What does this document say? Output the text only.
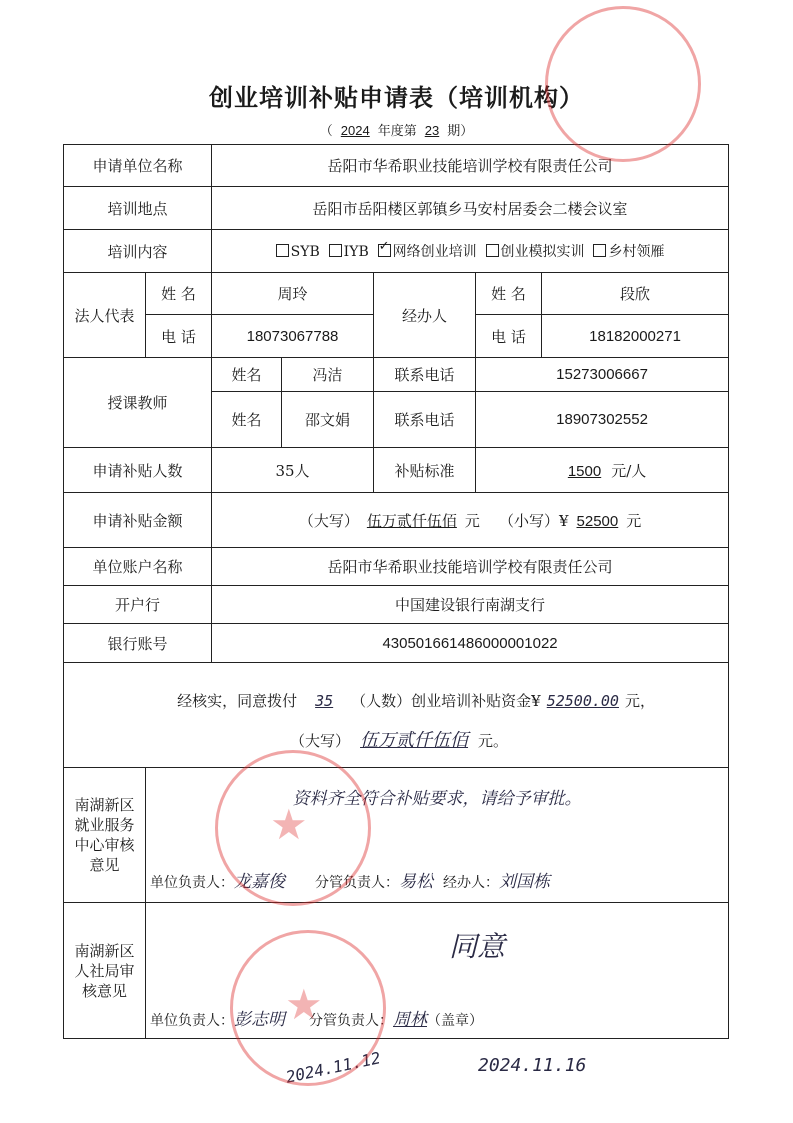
创业培训补贴申请表（培训机构）
（ 2024 年度第 23 期）
申请单位名称		岳阳市华希职业技能培训学校有限责任公司				
培训地点		岳阳市岳阳楼区郭镇乡马安村居委会二楼会议室				
培训内容		SYB IYB ✓ 网络创业培训 创业模拟实训 乡村领雁
法人代表	姓 名	周玲		经办人	姓 名	段欣
	电 话	18073067788			电 话	18182000271
授课教师		姓名	冯洁	联系电话	15273006667	
		姓名	邵文娟	联系电话	18907302552	
申请补贴人数		35人		补贴标准	1500 元/人	
申请补贴金额		（大写） 伍万贰仟伍佰 元 （小写）¥ 52500 元				
单位账户名称		岳阳市华希职业技能培训学校有限责任公司				
开户行		中国建设银行南湖支行				
银行账号		430501661486000001022				

经核实，同意拨付 35 （人数）创业培训补贴资金¥ 52500.00 元，
（大写） 伍万贰仟伍佰 元。						

南湖新区就业服务中心审核意见	资料齐全符合补贴要求，请给予审批。
单位负责人：龙嘉俊 分管负责人：易松 经办人：刘国栋					

南湖新区人社局审核意见	同意
单位负责人：彭志明 分管负责人：周林（盖章）					
2024.11.12	2024.11.16
★
★
